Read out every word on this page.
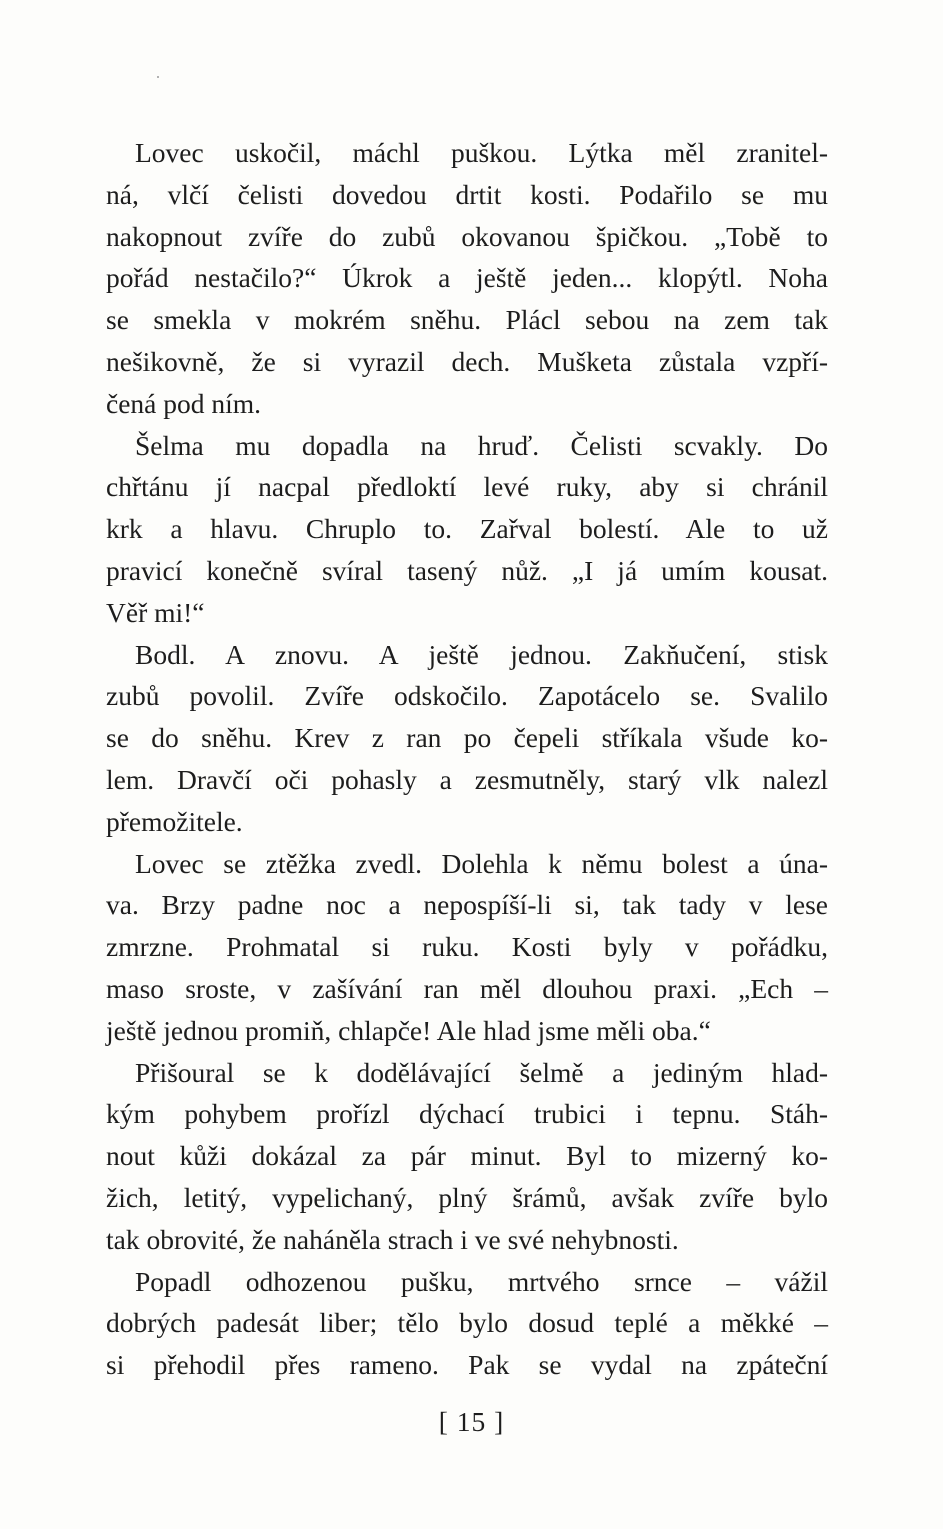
Lovec uskočil, máchl puškou. Lýtka měl zranitel-
ná, vlčí čelisti dovedou drtit kosti. Podařilo se mu
nakopnout zvíře do zubů okovanou špičkou. „Tobě to
pořád nestačilo?“ Úkrok a ještě jeden... klopýtl. Noha
se smekla v mokrém sněhu. Plácl sebou na zem tak
nešikovně, že si vyrazil dech. Mušketa zůstala vzpří-
čená pod ním.
Šelma mu dopadla na hruď. Čelisti scvakly. Do
chřtánu jí nacpal předloktí levé ruky, aby si chránil
krk a hlavu. Chruplo to. Zařval bolestí. Ale to už
pravicí konečně svíral tasený nůž. „I já umím kousat.
Věř mi!“
Bodl. A znovu. A ještě jednou. Zakňučení, stisk
zubů povolil. Zvíře odskočilo. Zapotácelo se. Svalilo
se do sněhu. Krev z ran po čepeli stříkala všude ko-
lem. Dravčí oči pohasly a zesmutněly, starý vlk nalezl
přemožitele.
Lovec se ztěžka zvedl. Dolehla k němu bolest a úna-
va. Brzy padne noc a nepospíší-li si, tak tady v lese
zmrzne. Prohmatal si ruku. Kosti byly v pořádku,
maso sroste, v zašívání ran měl dlouhou praxi. „Ech –
ještě jednou promiň, chlapče! Ale hlad jsme měli oba.“
Přišoural se k dodělávající šelmě a jediným hlad-
kým pohybem prořízl dýchací trubici i tepnu. Stáh-
nout kůži dokázal za pár minut. Byl to mizerný ko-
žich, letitý, vypelichaný, plný šrámů, avšak zvíře bylo
tak obrovité, že naháněla strach i ve své nehybnosti.
Popadl odhozenou pušku, mrtvého srnce – vážil
dobrých padesát liber; tělo bylo dosud teplé a měkké –
si přehodil přes rameno. Pak se vydal na zpáteční
[ 15 ]
